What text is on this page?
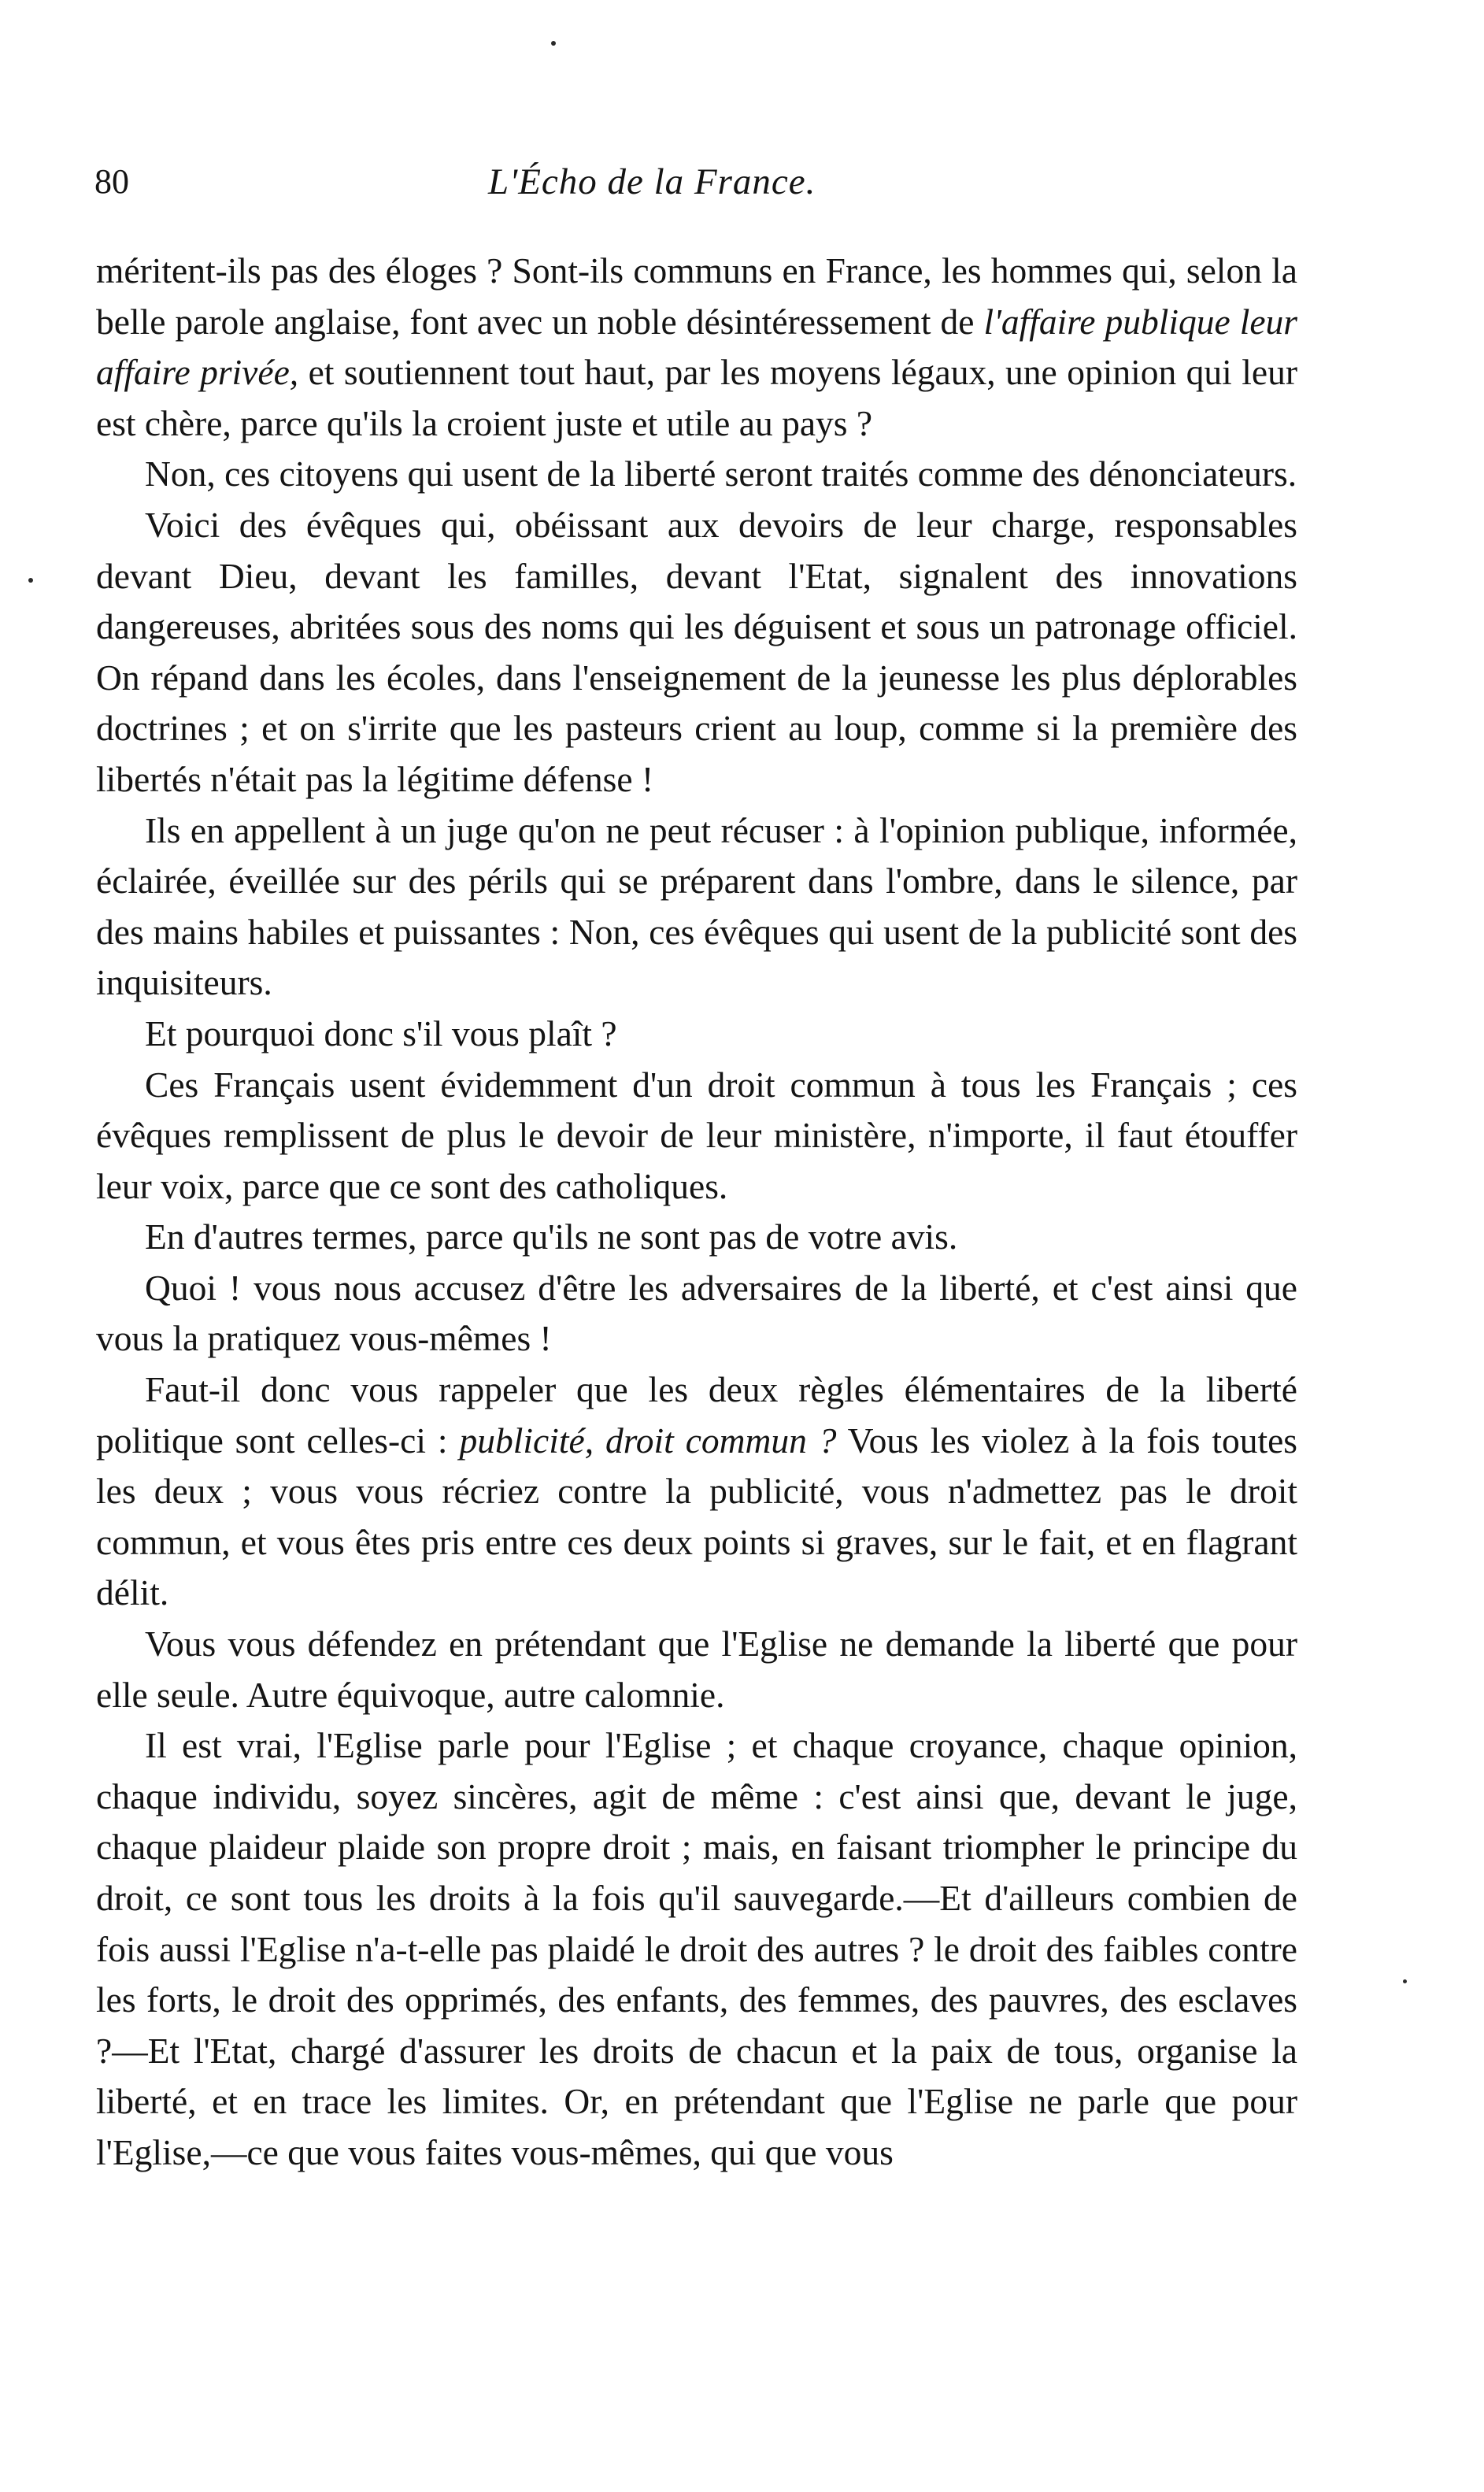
80	L'Écho de la France.

méritent-ils pas des éloges ? Sont-ils communs en France, les hommes qui, selon la belle parole anglaise, font avec un noble désintéressement de l'affaire publique leur affaire privée, et soutiennent tout haut, par les moyens légaux, une opinion qui leur est chère, parce qu'ils la croient juste et utile au pays ?

Non, ces citoyens qui usent de la liberté seront traités comme des dénonciateurs.

Voici des évêques qui, obéissant aux devoirs de leur charge, responsables devant Dieu, devant les familles, devant l'Etat, signalent des innovations dangereuses, abritées sous des noms qui les déguisent et sous un patronage officiel. On répand dans les écoles, dans l'enseignement de la jeunesse les plus déplorables doctrines ; et on s'irrite que les pasteurs crient au loup, comme si la première des libertés n'était pas la légitime défense !

Ils en appellent à un juge qu'on ne peut récuser : à l'opinion publique, informée, éclairée, éveillée sur des périls qui se préparent dans l'ombre, dans le silence, par des mains habiles et puissantes : Non, ces évêques qui usent de la publicité sont des inquisiteurs.

Et pourquoi donc s'il vous plaît ?

Ces Français usent évidemment d'un droit commun à tous les Français ; ces évêques remplissent de plus le devoir de leur ministère, n'importe, il faut étouffer leur voix, parce que ce sont des catholiques.

En d'autres termes, parce qu'ils ne sont pas de votre avis.

Quoi ! vous nous accusez d'être les adversaires de la liberté, et c'est ainsi que vous la pratiquez vous-mêmes !

Faut-il donc vous rappeler que les deux règles élémentaires de la liberté politique sont celles-ci : publicité, droit commun ? Vous les violez à la fois toutes les deux ; vous vous récriez contre la publicité, vous n'admettez pas le droit commun, et vous êtes pris entre ces deux points si graves, sur le fait, et en flagrant délit.

Vous vous défendez en prétendant que l'Eglise ne demande la liberté que pour elle seule. Autre équivoque, autre calomnie.

Il est vrai, l'Eglise parle pour l'Eglise ; et chaque croyance, chaque opinion, chaque individu, soyez sincères, agit de même : c'est ainsi que, devant le juge, chaque plaideur plaide son propre droit ; mais, en faisant triompher le principe du droit, ce sont tous les droits à la fois qu'il sauvegarde.—Et d'ailleurs combien de fois aussi l'Eglise n'a-t-elle pas plaidé le droit des autres ? le droit des faibles contre les forts, le droit des opprimés, des enfants, des femmes, des pauvres, des esclaves ?—Et l'Etat, chargé d'assurer les droits de chacun et la paix de tous, organise la liberté, et en trace les limites. Or, en prétendant que l'Eglise ne parle que pour l'Eglise,—ce que vous faites vous-mêmes, qui que vous
